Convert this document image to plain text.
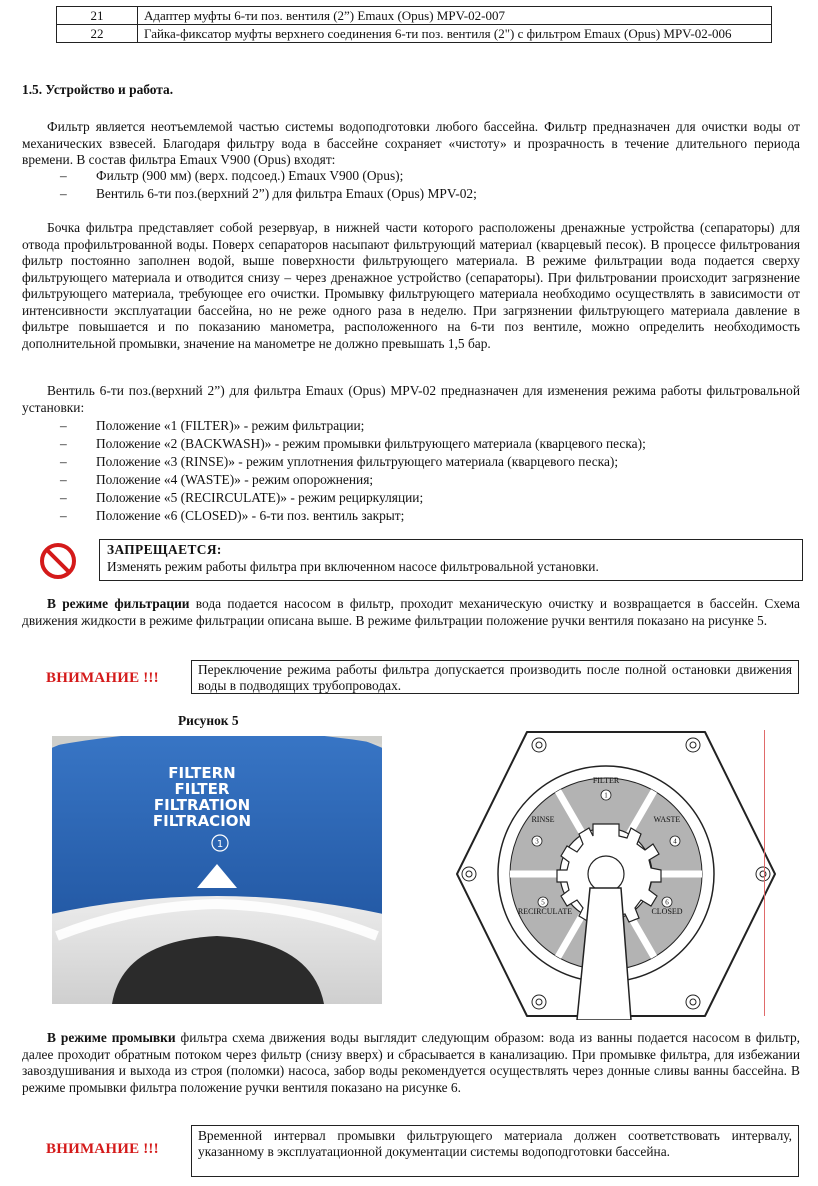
21	Адаптер муфты 6-ти поз. вентиля (2”) Emaux (Opus) MPV-02-007
22	Гайка-фиксатор муфты верхнего соединения 6-ти поз. вентиля (2") с фильтром Emaux (Opus) MPV-02-006
1.5. Устройство и работа.
Фильтр является неотъемлемой частью системы водоподготовки любого бассейна. Фильтр предназначен для очистки воды от механических взвесей. Благодаря фильтру вода в бассейне сохраняет «чистоту» и прозрачность в течение длительного периода времени. В состав фильтра Emaux V900 (Opus) входят:
– Фильтр (900 мм) (верх. подсоед.) Emaux V900 (Opus);
– Вентиль 6-ти поз.(верхний 2”) для фильтра Emaux (Opus) MPV-02;
Бочка фильтра представляет собой резервуар, в нижней части которого расположены дренажные устройства (сепараторы) для отвода профильтрованной воды. Поверх сепараторов насыпают фильтрующий материал (кварцевый песок). В процессе фильтрования фильтр постоянно заполнен водой, выше поверхности фильтрующего материала. В режиме фильтрации вода подается сверху фильтрующего материала и отводится снизу – через дренажное устройство (сепараторы). При фильтровании происходит загрязнение фильтрующего материала, требующее его очистки. Промывку фильтрующего материала необходимо осуществлять в зависимости от интенсивности эксплуатации бассейна, но не реже одного раза в неделю. При загрязнении фильтрующего материала давление в фильтре повышается и по показанию манометра, расположенного на 6-ти поз вентиле, можно определить необходимость дополнительной промывки, значение на манометре не должно превышать 1,5 бар.
Вентиль 6-ти поз.(верхний 2”) для фильтра Emaux (Opus) MPV-02 предназначен для изменения режима работы фильтровальной установки:
– Положение «1 (FILTER)» - режим фильтрации;
– Положение «2 (BACKWASH)» - режим промывки фильтрующего материала (кварцевого песка);
– Положение «3 (RINSE)» - режим уплотнения фильтрующего материала (кварцевого песка);
– Положение «4 (WASTE)» - режим опорожнения;
– Положение «5 (RECIRCULATE)» - режим рециркуляции;
– Положение «6 (CLOSED)» - 6-ти поз. вентиль закрыт;
ЗАПРЕЩАЕТСЯ:
Изменять режим работы фильтра при включенном насосе фильтровальной установки.
В режиме фильтрации вода подается насосом в фильтр, проходит механическую очистку и возвращается в бассейн. Схема движения жидкости в режиме фильтрации описана выше. В режиме фильтрации положение ручки вентиля показано на рисунке 5.
ВНИМАНИЕ !!!
Переключение режима работы фильтра допускается производить после полной остановки движения воды в подводящих трубопроводах.
Рисунок 5
FILTERN
FILTER
FILTRATION
FILTRACION
1
FILTER
RINSE	WASTE
RECIRCULATE	CLOSED
1
3	4
5	6
В режиме промывки фильтра схема движения воды выглядит следующим образом: вода из ванны подается насосом в фильтр, далее проходит обратным потоком через фильтр (снизу вверх) и сбрасывается в канализацию. При промывке фильтра, для избежании завоздушивания и выхода из строя (поломки) насоса, забор воды рекомендуется осуществлять через донные сливы ванны бассейна. В режиме промывки фильтра положение ручки вентиля показано на рисунке 6.
ВНИМАНИЕ !!!
Временной интервал промывки фильтрующего материала должен соответствовать интервалу, указанному в эксплуатационной документации системы водоподготовки бассейна.
